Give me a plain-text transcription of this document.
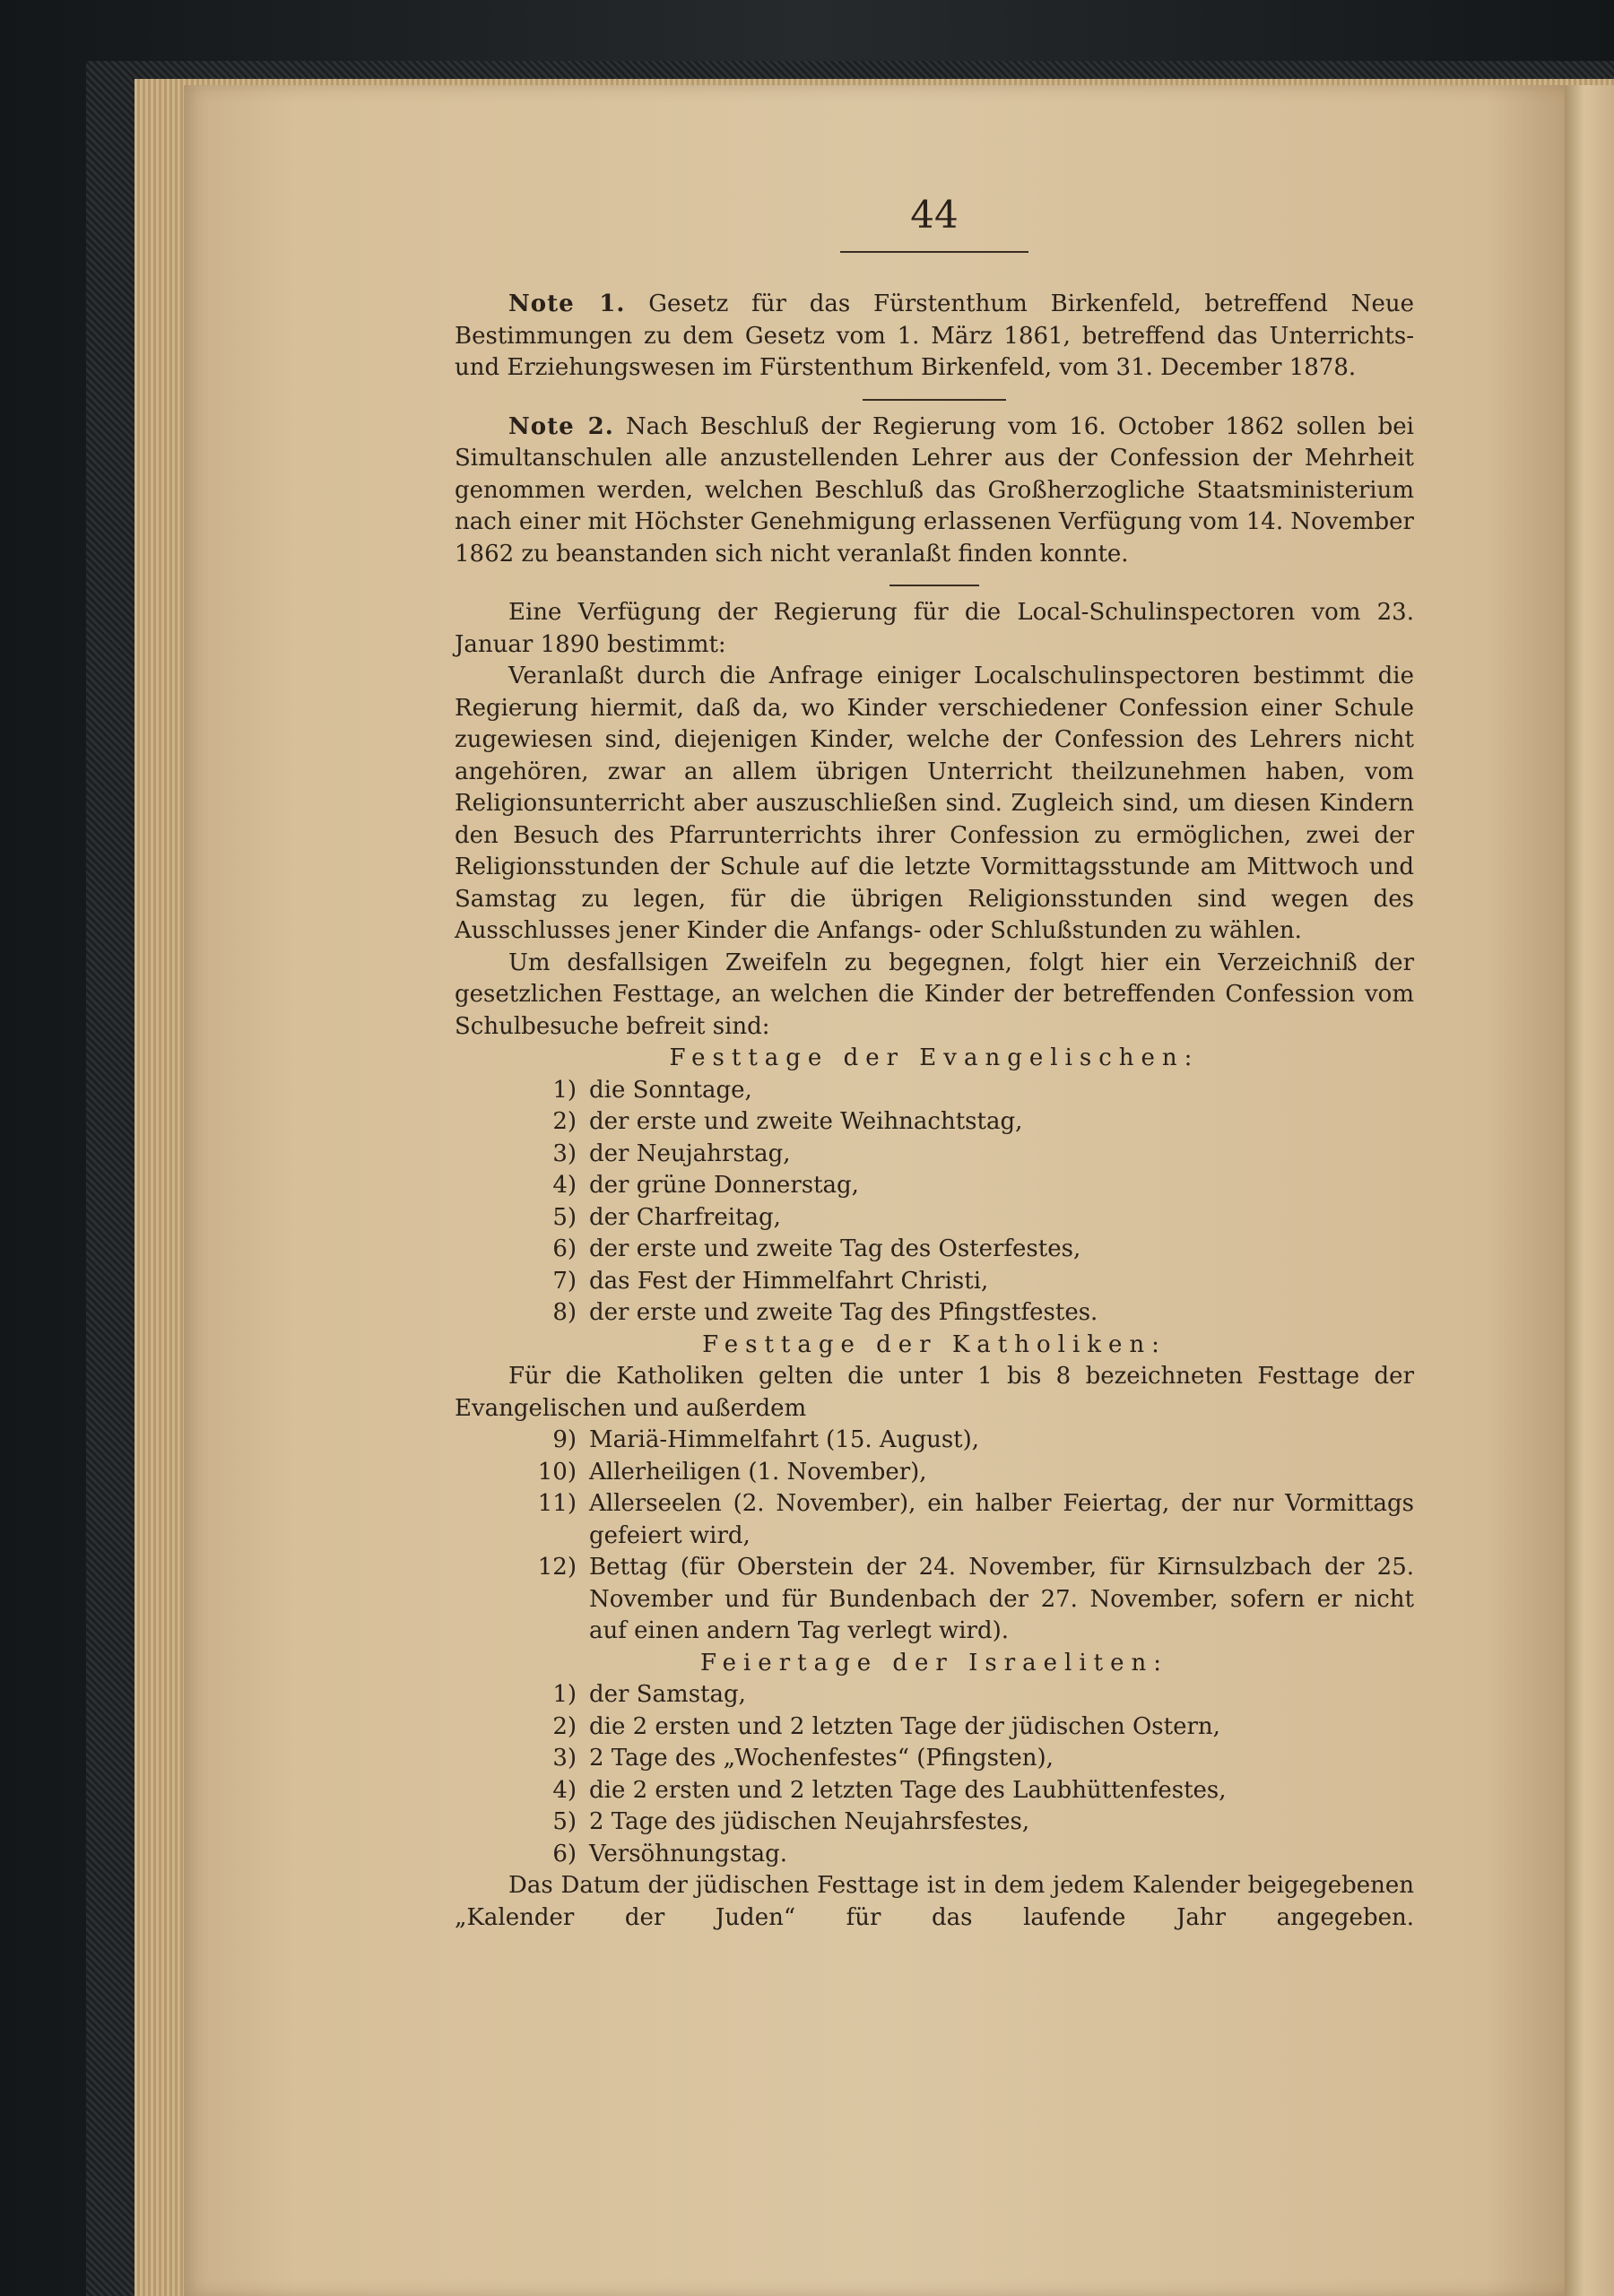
44

Note 1. Gesetz für das Fürstenthum Birkenfeld, betreffend Neue Bestimmungen zu dem Gesetz vom 1. März 1861, betreffend das Unterrichts- und Erziehungswesen im Fürstenthum Birkenfeld, vom 31. December 1878.

Note 2. Nach Beschluß der Regierung vom 16. October 1862 sollen bei Simultanschulen alle anzustellenden Lehrer aus der Confession der Mehrheit genommen werden, welchen Beschluß das Großherzogliche Staatsministerium nach einer mit Höchster Genehmigung erlassenen Verfügung vom 14. November 1862 zu beanstanden sich nicht veranlaßt finden konnte.

Eine Verfügung der Regierung für die Local-Schulinspectoren vom 23. Januar 1890 bestimmt:

Veranlaßt durch die Anfrage einiger Localschulinspectoren bestimmt die Regierung hiermit, daß da, wo Kinder verschiedener Confession einer Schule zugewiesen sind, diejenigen Kinder, welche der Confession des Lehrers nicht angehören, zwar an allem übrigen Unterricht theilzunehmen haben, vom Religionsunterricht aber auszuschließen sind. Zugleich sind, um diesen Kindern den Besuch des Pfarrunterrichts ihrer Confession zu ermöglichen, zwei der Religionsstunden der Schule auf die letzte Vormittagsstunde am Mittwoch und Samstag zu legen, für die übrigen Religionsstunden sind wegen des Ausschlusses jener Kinder die Anfangs- oder Schlußstunden zu wählen.

Um desfallsigen Zweifeln zu begegnen, folgt hier ein Verzeichniß der gesetzlichen Festtage, an welchen die Kinder der betreffenden Confession vom Schulbesuche befreit sind:

Festtage der Evangelischen:
1) die Sonntage,
2) der erste und zweite Weihnachtstag,
3) der Neujahrstag,
4) der grüne Donnerstag,
5) der Charfreitag,
6) der erste und zweite Tag des Osterfestes,
7) das Fest der Himmelfahrt Christi,
8) der erste und zweite Tag des Pfingstfestes.
Festtage der Katholiken:

Für die Katholiken gelten die unter 1 bis 8 bezeichneten Festtage der Evangelischen und außerdem

9) Mariä-Himmelfahrt (15. August),
10) Allerheiligen (1. November),
11) Allerseelen (2. November), ein halber Feiertag, der nur Vormittags gefeiert wird,
12) Bettag (für Oberstein der 24. November, für Kirnsulzbach der 25. November und für Bundenbach der 27. November, sofern er nicht auf einen andern Tag verlegt wird).
Feiertage der Israeliten:
1) der Samstag,
2) die 2 ersten und 2 letzten Tage der jüdischen Ostern,
3) 2 Tage des „Wochenfestes“ (Pfingsten),
4) die 2 ersten und 2 letzten Tage des Laubhüttenfestes,
5) 2 Tage des jüdischen Neujahrsfestes,
6) Versöhnungstag.

Das Datum der jüdischen Festtage ist in dem jedem Kalender beigegebenen „Kalender der Juden“ für das laufende Jahr angegeben.
